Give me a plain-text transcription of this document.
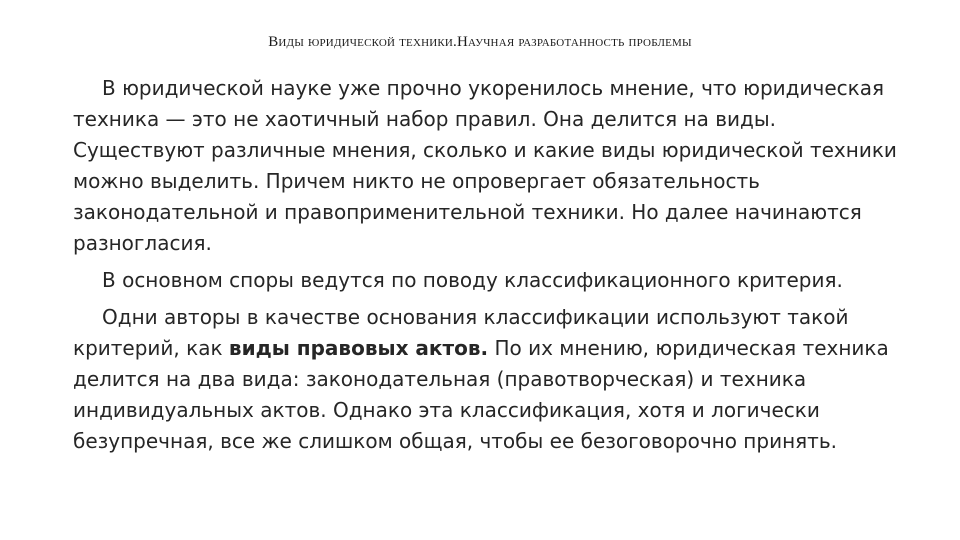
Виды юридической техники.Научная разработанность проблемы

В юридической науке уже прочно укоренилось мнение, что юридическая техника — это не хаотичный набор правил. Она делится на виды. Существуют различные мнения, сколько и какие виды юридической техники можно выделить. Причем никто не опровергает обязательность законодательной и правоприменительной техники. Но далее начинаются разногласия.

В основном споры ведутся по поводу классификационного критерия.

Одни авторы в качестве основания классификации используют такой критерий, как виды правовых актов. По их мнению, юридическая техника делится на два вида: законодательная (правотворческая) и техника индивидуальных актов. Однако эта классификация, хотя и логически безупречная, все же слишком общая, чтобы ее безоговорочно принять.
